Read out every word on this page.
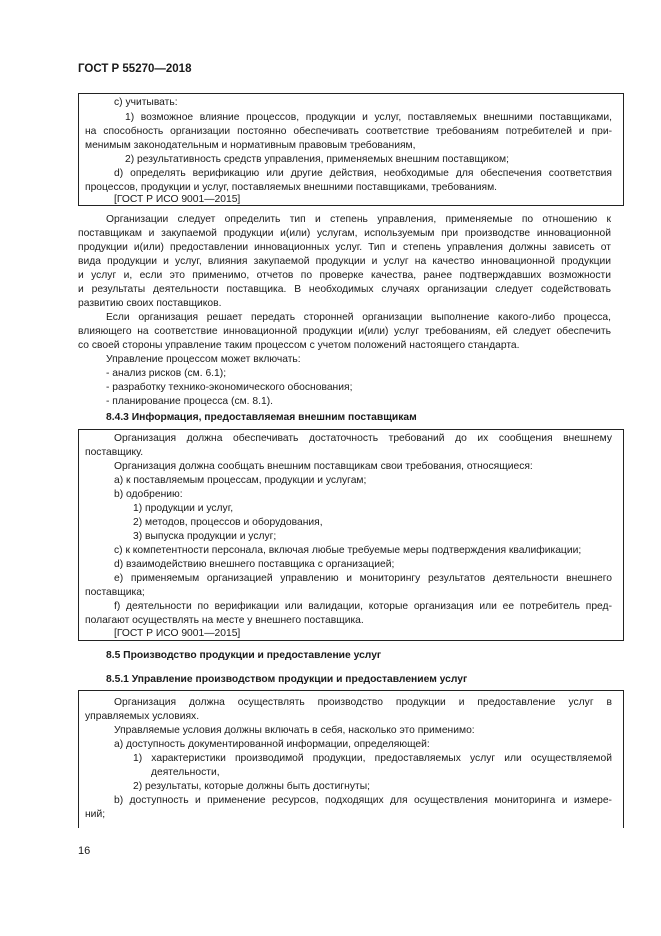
ГОСТ Р 55270—2018
с) учитывать:
1) возможное влияние процессов, продукции и услуг, поставляемых внешними поставщиками,
на способность организации постоянно обеспечивать соответствие требованиям потребителей и при-
менимым законодательным и нормативным правовым требованиям,
2) результативность средств управления, применяемых внешним поставщиком;
d) определять верификацию или другие действия, необходимые для обеспечения соответствия
процессов, продукции и услуг, поставляемых внешними поставщиками, требованиям.
[ГОСТ Р ИСО 9001—2015]
Организации следует определить тип и степень управления, применяемые по отношению к
поставщикам и закупаемой продукции и(или) услугам, используемым при производстве инновационной
продукции и(или) предоставлении инновационных услуг. Тип и степень управления должны зависеть от
вида продукции и услуг, влияния закупаемой продукции и услуг на качество инновационной продукции
и услуг и, если это применимо, отчетов по проверке качества, ранее подтверждавших возможности
и результаты деятельности поставщика. В необходимых случаях организации следует содействовать
развитию своих поставщиков.
Если организация решает передать сторонней организации выполнение какого-либо процесса,
влияющего на соответствие инновационной продукции и(или) услуг требованиям, ей следует обеспечить
со своей стороны управление таким процессом с учетом положений настоящего стандарта.
Управление процессом может включать:
- анализ рисков (см. 6.1);
- разработку технико-экономического обоснования;
- планирование процесса (см. 8.1).
8.4.3 Информация, предоставляемая внешним поставщикам
Организация должна обеспечивать достаточность требований до их сообщения внешнему
поставщику.
Организация должна сообщать внешним поставщикам свои требования, относящиеся:
а) к поставляемым процессам, продукции и услугам;
b) одобрению:
1) продукции и услуг,
2) методов, процессов и оборудования,
3) выпуска продукции и услуг;
с) к компетентности персонала, включая любые требуемые меры подтверждения квалификации;
d) взаимодействию внешнего поставщика с организацией;
е) применяемым организацией управлению и мониторингу результатов деятельности внешнего
поставщика;
f) деятельности по верификации или валидации, которые организация или ее потребитель пред-
полагают осуществлять на месте у внешнего поставщика.
[ГОСТ Р ИСО 9001—2015]
8.5 Производство продукции и предоставление услуг
8.5.1 Управление производством продукции и предоставлением услуг
Организация должна осуществлять производство продукции и предоставление услуг в
управляемых условиях.
Управляемые условия должны включать в себя, насколько это применимо:
а) доступность документированной информации, определяющей:
1) характеристики производимой продукции, предоставляемых услуг или осуществляемой
деятельности,
2) результаты, которые должны быть достигнуты;
b) доступность и применение ресурсов, подходящих для осуществления мониторинга и измере-
ний;
16
